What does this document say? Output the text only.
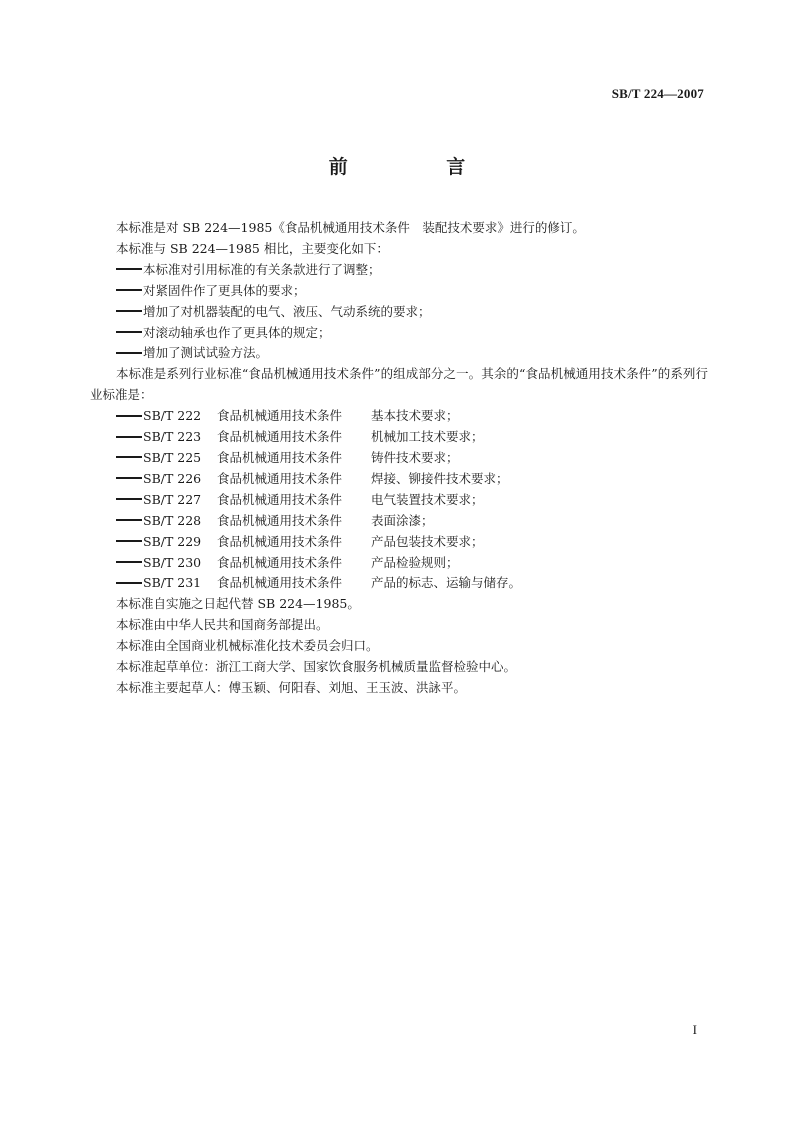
SB/T 224—2007
前 言

本标准是对 SB 224—1985《食品机械通用技术条件　装配技术要求》进行的修订。

本标准与 SB 224—1985 相比，主要变化如下：

本标准对引用标准的有关条款进行了调整；

对紧固件作了更具体的要求；

增加了对机器装配的电气、液压、气动系统的要求；

对滚动轴承也作了更具体的规定；

增加了测试试验方法。

本标准是系列行业标准“食品机械通用技术条件”的组成部分之一。其余的“食品机械通用技术条件”的系列行业标准是：

SB/T 222 食品机械通用技术条件 基本技术要求；

SB/T 223 食品机械通用技术条件 机械加工技术要求；

SB/T 225 食品机械通用技术条件 铸件技术要求；

SB/T 226 食品机械通用技术条件 焊接、铆接件技术要求；

SB/T 227 食品机械通用技术条件 电气装置技术要求；

SB/T 228 食品机械通用技术条件 表面涂漆；

SB/T 229 食品机械通用技术条件 产品包装技术要求；

SB/T 230 食品机械通用技术条件 产品检验规则；

SB/T 231 食品机械通用技术条件 产品的标志、运输与储存。

本标准自实施之日起代替 SB 224—1985。

本标准由中华人民共和国商务部提出。

本标准由全国商业机械标准化技术委员会归口。

本标准起草单位：浙江工商大学、国家饮食服务机械质量监督检验中心。

本标准主要起草人：傅玉颖、何阳春、刘旭、王玉波、洪詠平。

I
